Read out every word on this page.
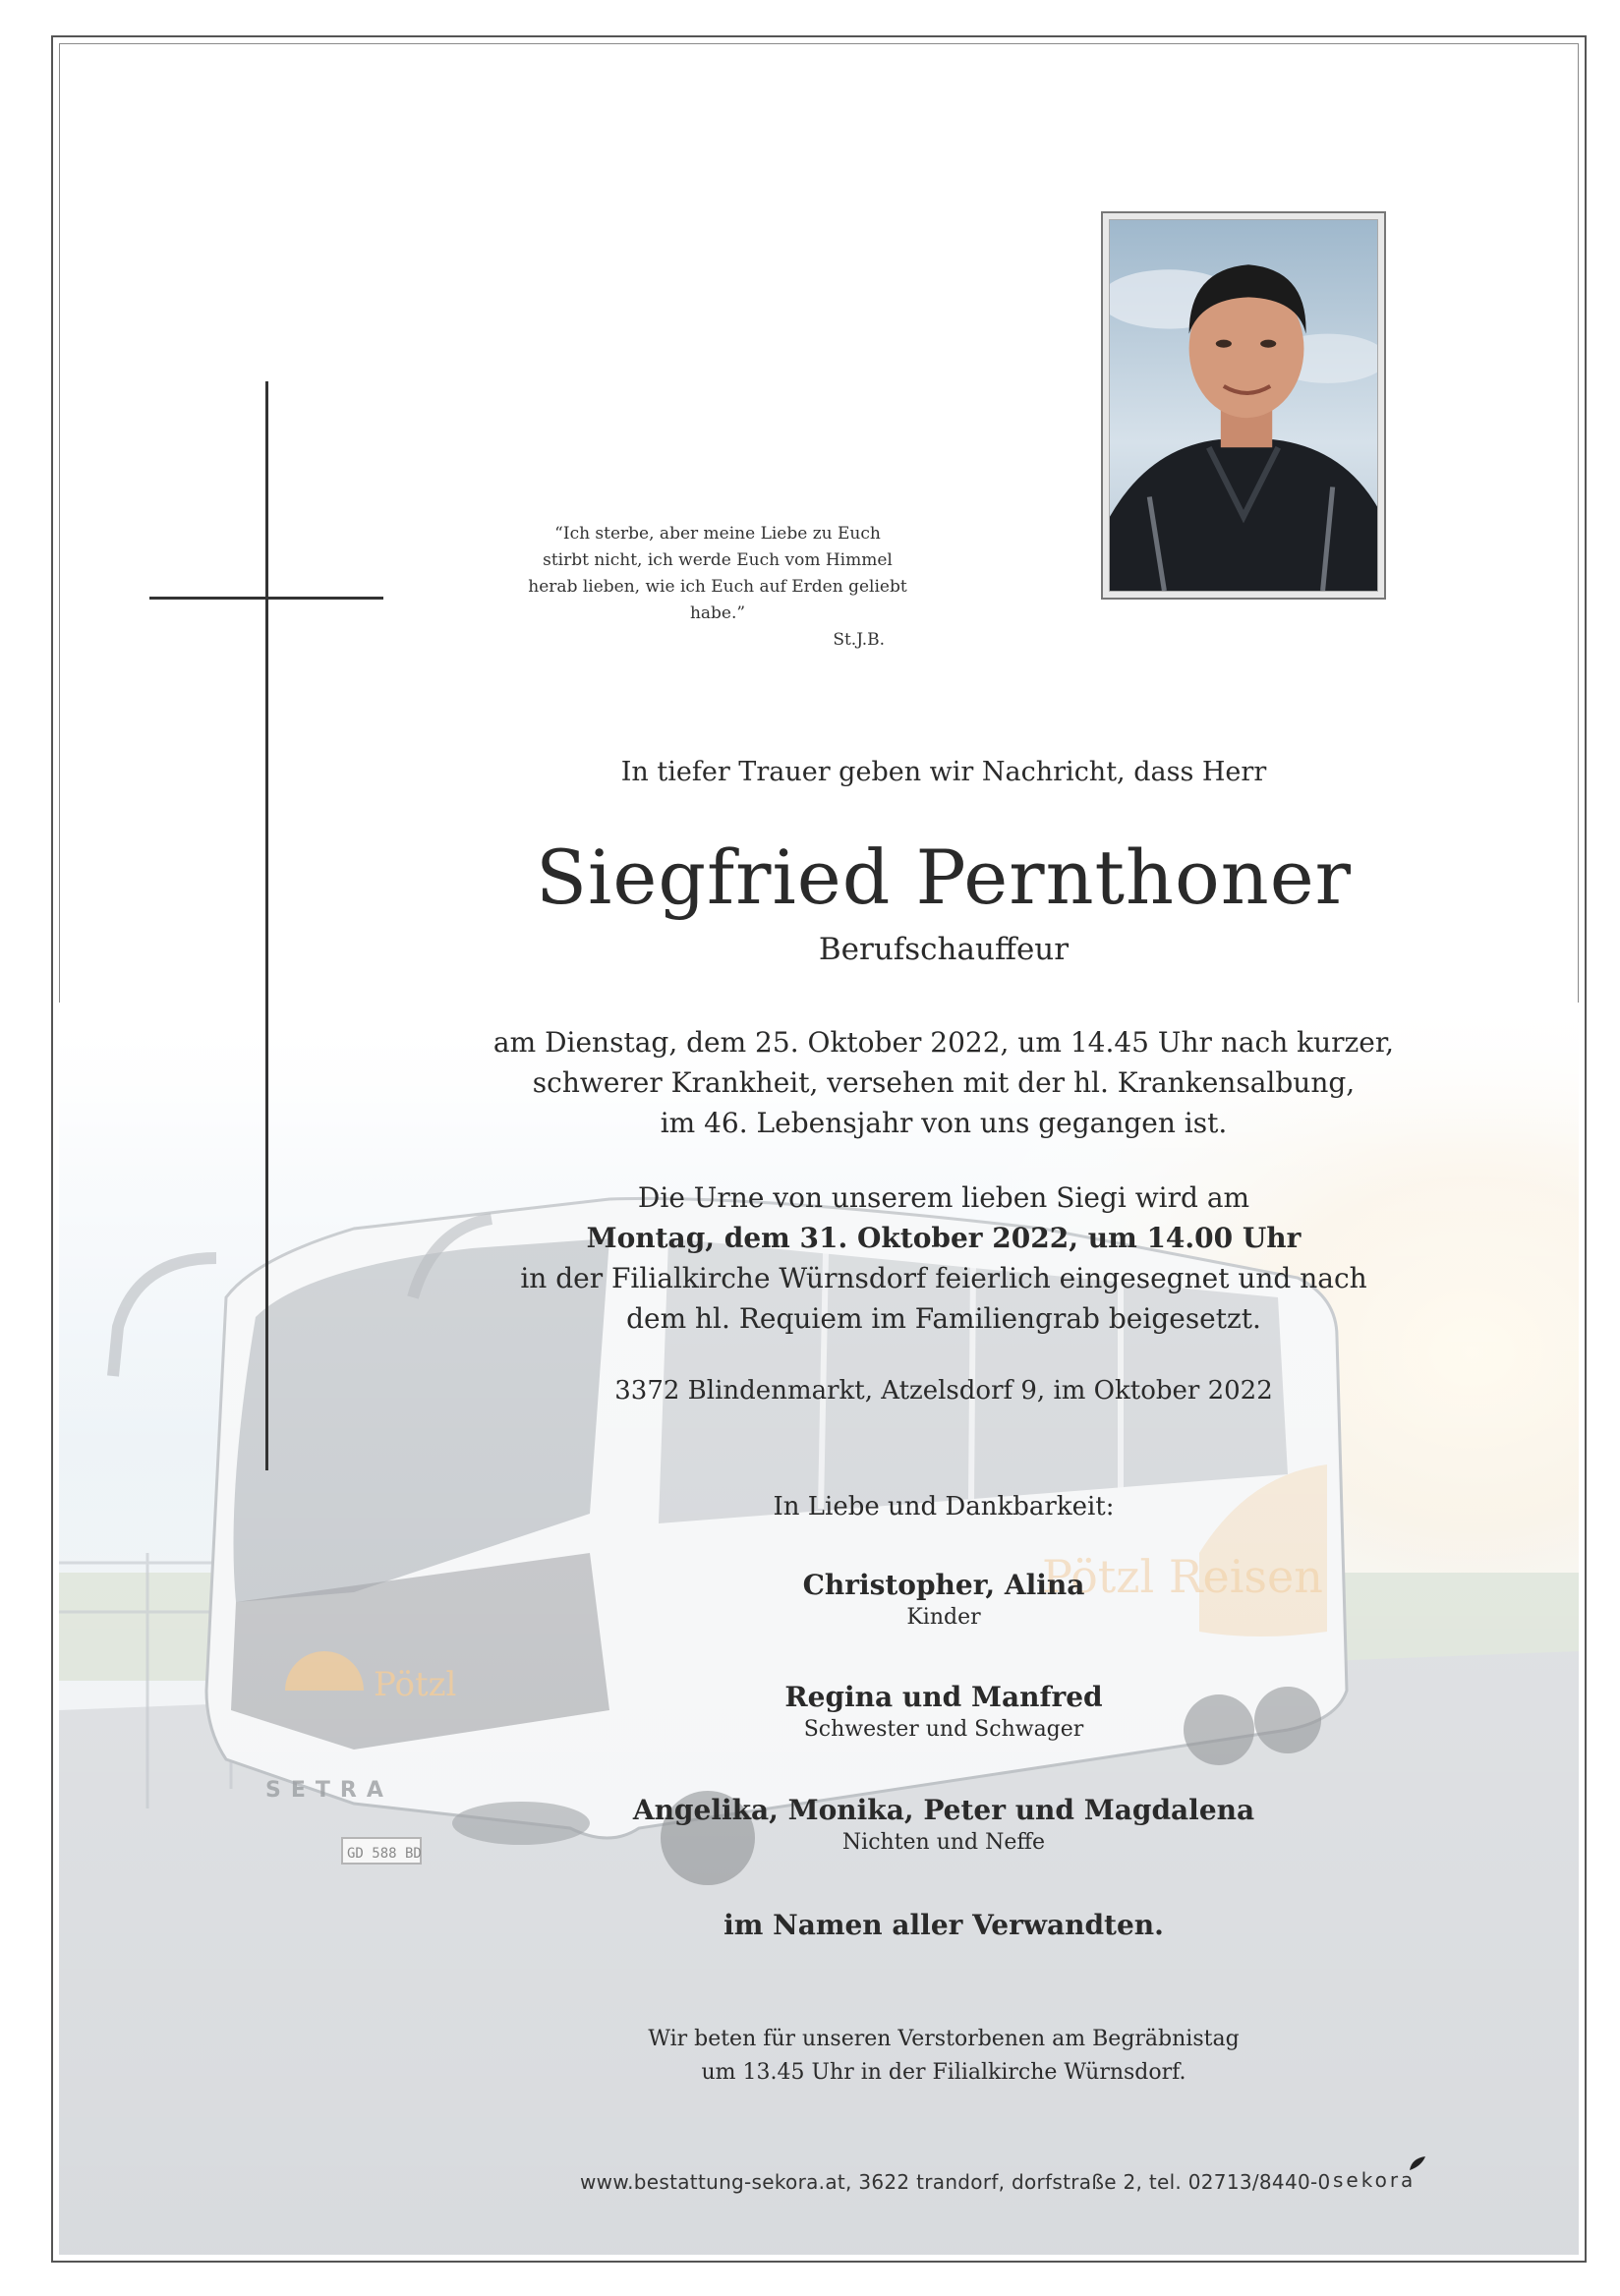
“Ich sterbe, aber meine Liebe zu Euch
stirbt nicht, ich werde Euch vom Himmel
herab lieben, wie ich Euch auf Erden geliebt habe.”
St.J.B.
In tiefer Trauer geben wir Nachricht, dass Herr
Siegfried Pernthoner
Berufschauffeur
am Dienstag, dem 25. Oktober 2022, um 14.45 Uhr nach kurzer,
schwerer Krankheit, versehen mit der hl. Krankensalbung,
im 46. Lebensjahr von uns gegangen ist.
Die Urne von unserem lieben Siegi wird am
Montag, dem 31. Oktober 2022, um 14.00 Uhr
in der Filialkirche Würnsdorf feierlich eingesegnet und nach
dem hl. Requiem im Familiengrab beigesetzt.
3372 Blindenmarkt, Atzelsdorf 9, im Oktober 2022
In Liebe und Dankbarkeit:
Christopher, Alina
Kinder
Regina und Manfred
Schwester und Schwager
Angelika, Monika, Peter und Magdalena
Nichten und Neffe
im Namen aller Verwandten.
Wir beten für unseren Verstorbenen am Begräbnistag
um 13.45 Uhr in der Filialkirche Würnsdorf.
www.bestattung-sekora.at, 3622 trandorf, dorfstraße 2, tel. 02713/8440-0 sekora
